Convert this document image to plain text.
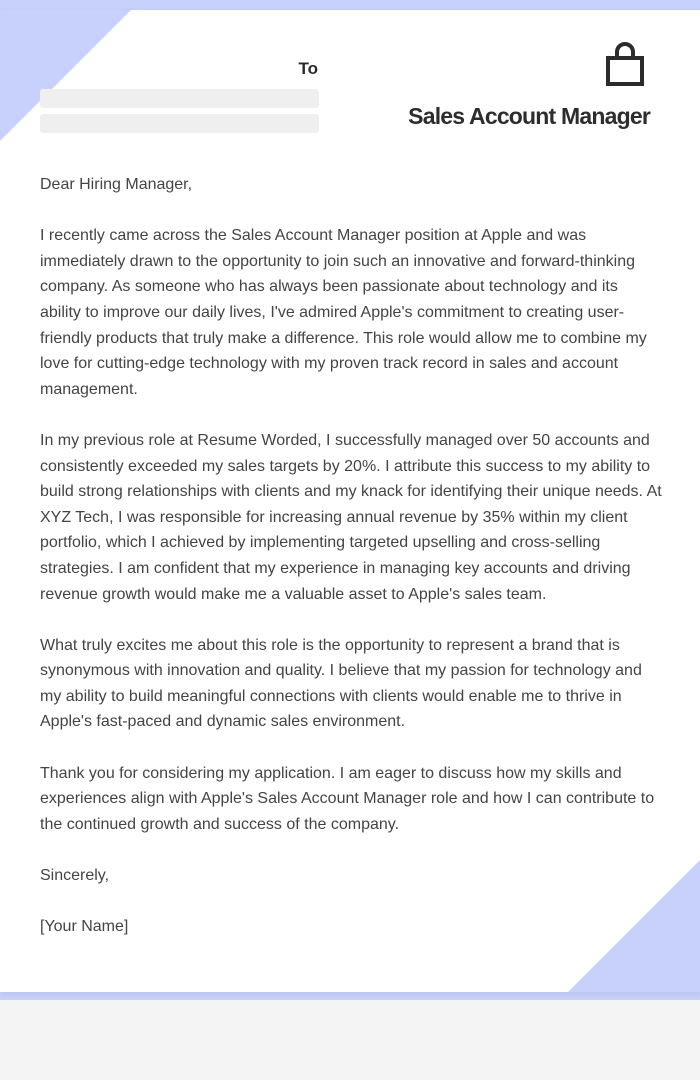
To
Sales Account Manager

Dear Hiring Manager,

I recently came across the Sales Account Manager position at Apple and was immediately drawn to the opportunity to join such an innovative and forward-thinking company. As someone who has always been passionate about technology and its ability to improve our daily lives, I've admired Apple's commitment to creating user-friendly products that truly make a difference. This role would allow me to combine my love for cutting-edge technology with my proven track record in sales and account management.

In my previous role at Resume Worded, I successfully managed over 50 accounts and consistently exceeded my sales targets by 20%. I attribute this success to my ability to build strong relationships with clients and my knack for identifying their unique needs. At XYZ Tech, I was responsible for increasing annual revenue by 35% within my client portfolio, which I achieved by implementing targeted upselling and cross-selling strategies. I am confident that my experience in managing key accounts and driving revenue growth would make me a valuable asset to Apple's sales team.

What truly excites me about this role is the opportunity to represent a brand that is synonymous with innovation and quality. I believe that my passion for technology and my ability to build meaningful connections with clients would enable me to thrive in Apple's fast-paced and dynamic sales environment.

Thank you for considering my application. I am eager to discuss how my skills and experiences align with Apple's Sales Account Manager role and how I can contribute to the continued growth and success of the company.

Sincerely,

[Your Name]
